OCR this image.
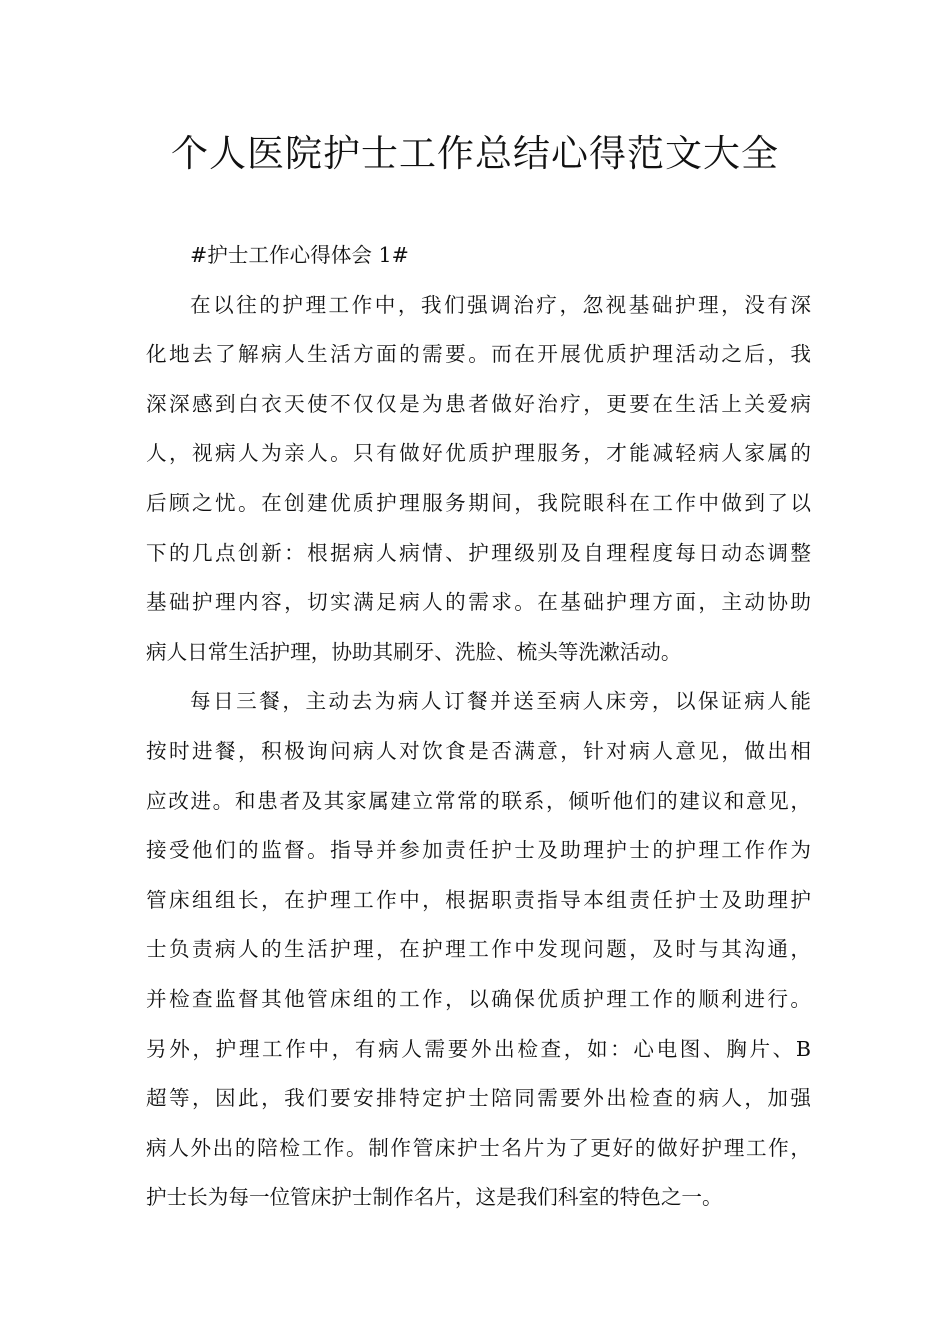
个人医院护士工作总结心得范文大全
#护士工作心得体会 1#
在以往的护理工作中，我们强调治疗，忽视基础护理，没有深
化地去了解病人生活方面的需要。而在开展优质护理活动之后，我
深深感到白衣天使不仅仅是为患者做好治疗，更要在生活上关爱病
人，视病人为亲人。只有做好优质护理服务，才能减轻病人家属的
后顾之忧。在创建优质护理服务期间，我院眼科在工作中做到了以
下的几点创新：根据病人病情、护理级别及自理程度每日动态调整
基础护理内容，切实满足病人的需求。在基础护理方面，主动协助
病人日常生活护理，协助其刷牙、洗脸、梳头等洗漱活动。
每日三餐，主动去为病人订餐并送至病人床旁，以保证病人能
按时进餐，积极询问病人对饮食是否满意，针对病人意见，做出相
应改进。和患者及其家属建立常常的联系，倾听他们的建议和意见，
接受他们的监督。指导并参加责任护士及助理护士的护理工作作为
管床组组长，在护理工作中，根据职责指导本组责任护士及助理护
士负责病人的生活护理，在护理工作中发现问题，及时与其沟通，
并检查监督其他管床组的工作，以确保优质护理工作的顺利进行。
另外，护理工作中，有病人需要外出检查，如：心电图、胸片、B
超等，因此，我们要安排特定护士陪同需要外出检查的病人，加强
病人外出的陪检工作。制作管床护士名片为了更好的做好护理工作，
护士长为每一位管床护士制作名片，这是我们科室的特色之一。
